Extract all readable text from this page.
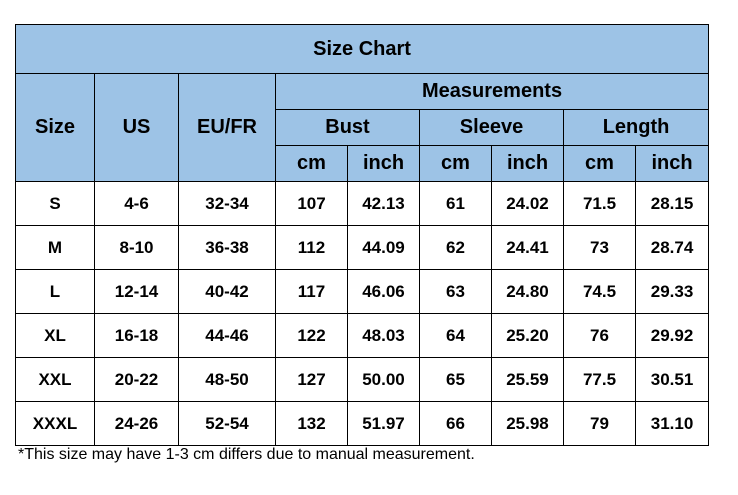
Size Chart								
Size	US	EU/FR	Measurements					
			Bust		Sleeve		Length	
			cm	inch	cm	inch	cm	inch
S	4-6	32-34	107	42.13	61	24.02	71.5	28.15
M	8-10	36-38	112	44.09	62	24.41	73	28.74
L	12-14	40-42	117	46.06	63	24.80	74.5	29.33
XL	16-18	44-46	122	48.03	64	25.20	76	29.92
XXL	20-22	48-50	127	50.00	65	25.59	77.5	30.51
XXXL	24-26	52-54	132	51.97	66	25.98	79	31.10
*This size may have 1-3 cm differs due to manual measurement.
